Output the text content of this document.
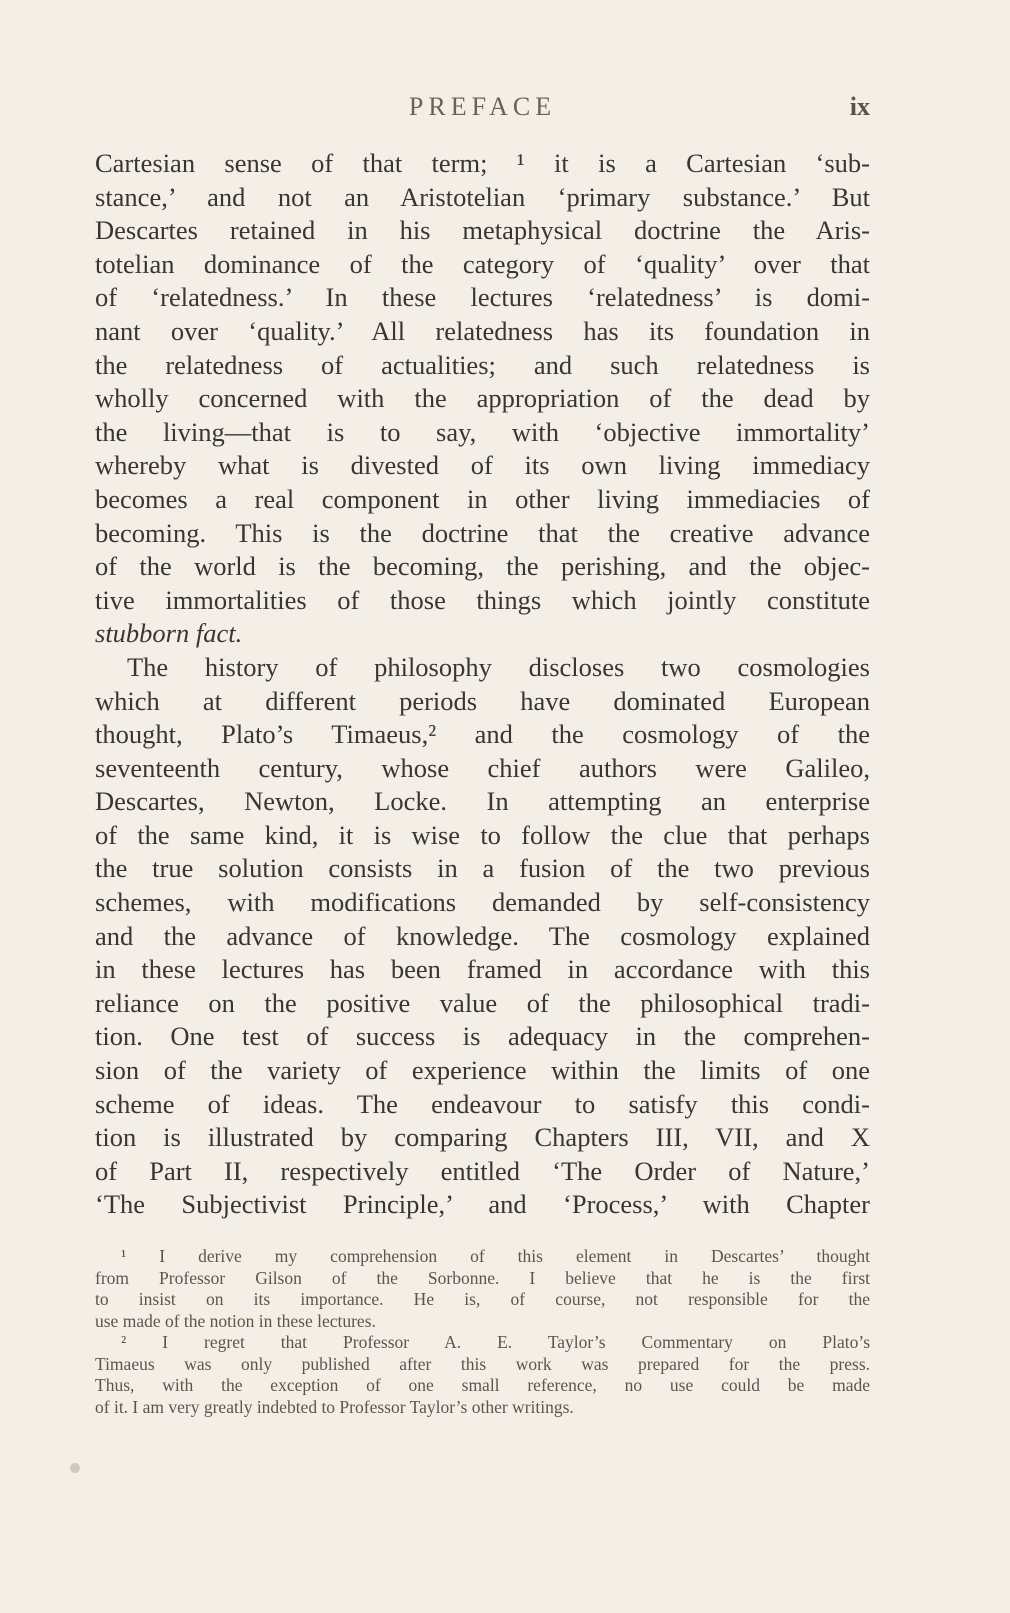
PREFACE	ix

Cartesian sense of that term; ¹ it is a Cartesian ‘sub-
stance,’ and not an Aristotelian ‘primary substance.’ But
Descartes retained in his metaphysical doctrine the Aris-
totelian dominance of the category of ‘quality’ over that
of ‘relatedness.’ In these lectures ‘relatedness’ is domi-
nant over ‘quality.’ All relatedness has its foundation in
the relatedness of actualities; and such relatedness is
wholly concerned with the appropriation of the dead by
the living—that is to say, with ‘objective immortality’
whereby what is divested of its own living immediacy
becomes a real component in other living immediacies of
becoming. This is the doctrine that the creative advance
of the world is the becoming, the perishing, and the objec-
tive immortalities of those things which jointly constitute
stubborn fact.

The history of philosophy discloses two cosmologies
which at different periods have dominated European
thought, Plato’s Timaeus,² and the cosmology of the
seventeenth century, whose chief authors were Galileo,
Descartes, Newton, Locke. In attempting an enterprise
of the same kind, it is wise to follow the clue that perhaps
the true solution consists in a fusion of the two previous
schemes, with modifications demanded by self-consistency
and the advance of knowledge. The cosmology explained
in these lectures has been framed in accordance with this
reliance on the positive value of the philosophical tradi-
tion. One test of success is adequacy in the comprehen-
sion of the variety of experience within the limits of one
scheme of ideas. The endeavour to satisfy this condi-
tion is illustrated by comparing Chapters III, VII, and X
of Part II, respectively entitled ‘The Order of Nature,’
‘The Subjectivist Principle,’ and ‘Process,’ with Chapter

¹ I derive my comprehension of this element in Descartes’ thought
from Professor Gilson of the Sorbonne. I believe that he is the first
to insist on its importance. He is, of course, not responsible for the
use made of the notion in these lectures.

² I regret that Professor A. E. Taylor’s Commentary on Plato’s
Timaeus was only published after this work was prepared for the press.
Thus, with the exception of one small reference, no use could be made
of it. I am very greatly indebted to Professor Taylor’s other writings.
